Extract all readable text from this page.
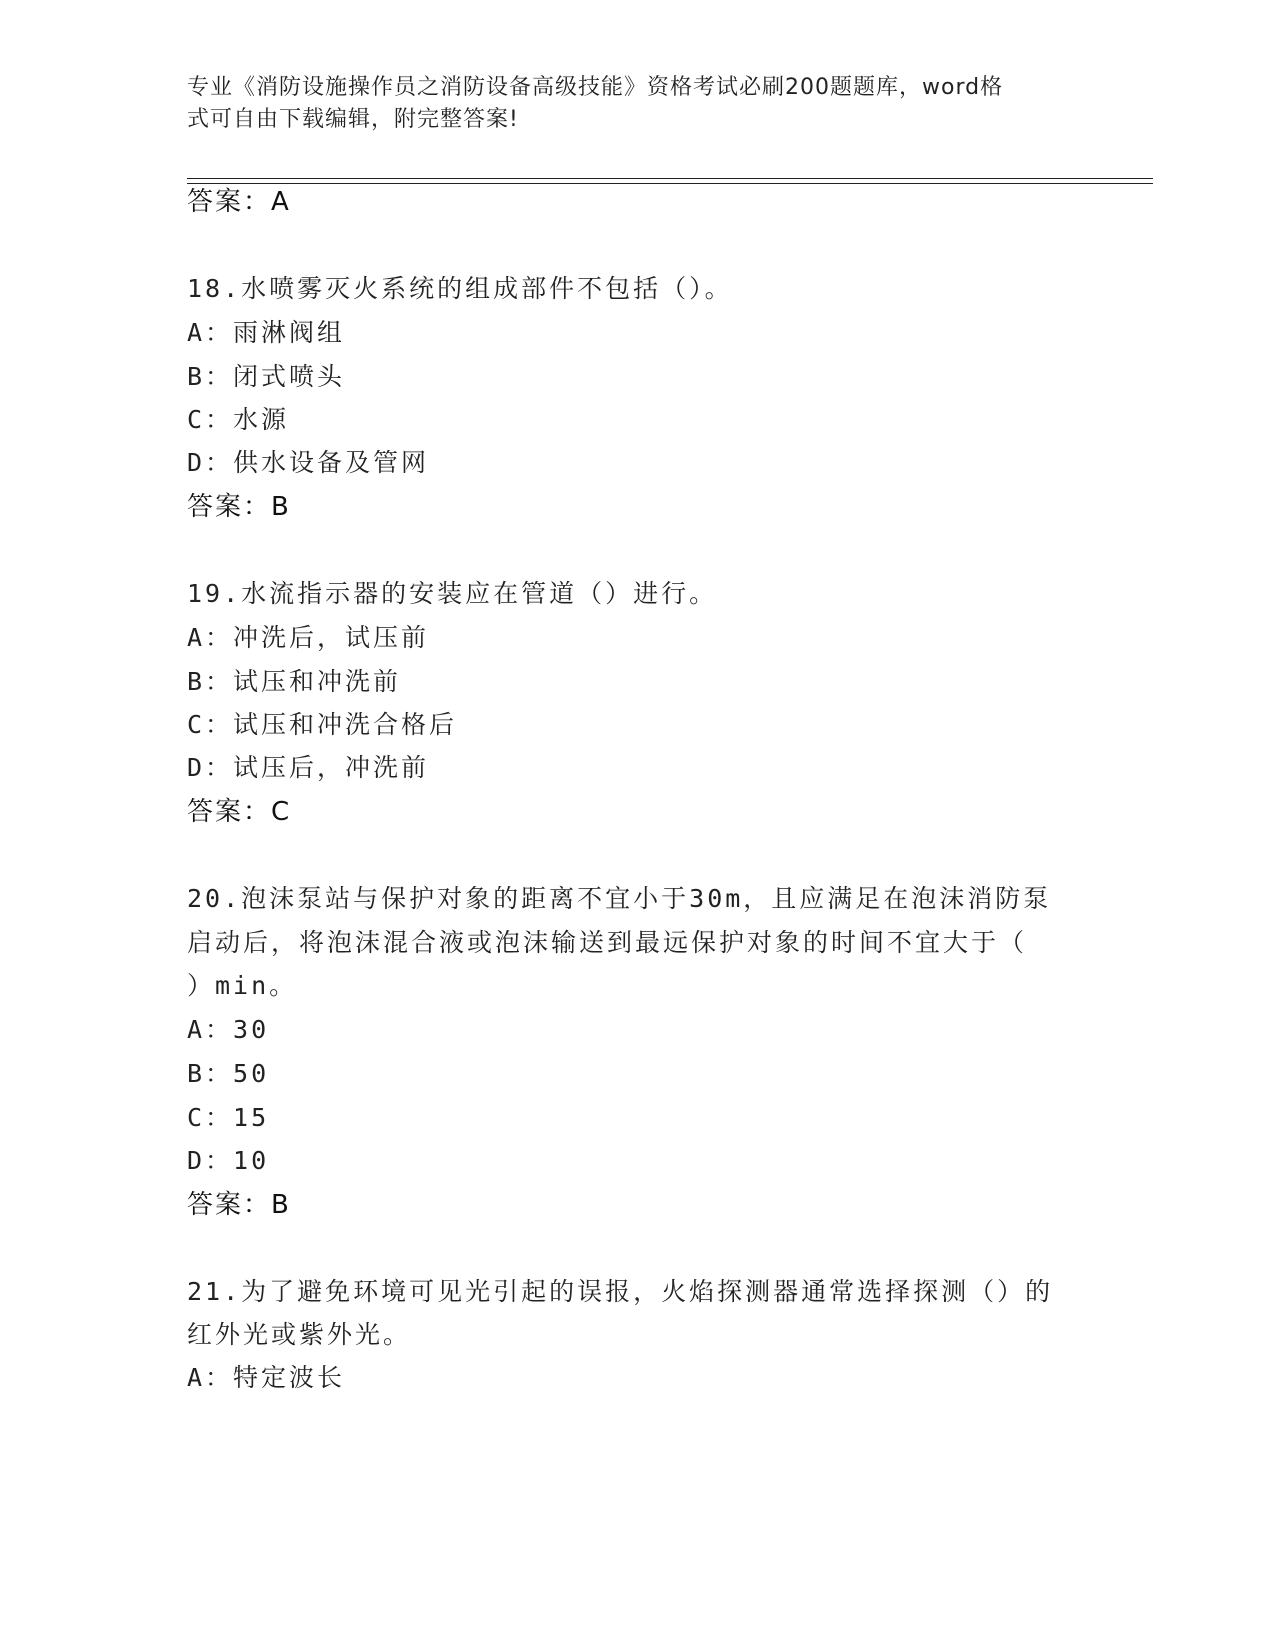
专业《消防设施操作员之消防设备高级技能》资格考试必刷200题题库，word格
式可自由下载编辑，附完整答案!
答案：A
18.水喷雾灭火系统的组成部件不包括（）。
A：雨淋阀组
B：闭式喷头
C：水源
D：供水设备及管网
答案：B
19.水流指示器的安装应在管道（）进行。
A：冲洗后，试压前
B：试压和冲洗前
C：试压和冲洗合格后
D：试压后，冲洗前
答案：C
20.泡沫泵站与保护对象的距离不宜小于30m，且应满足在泡沫消防泵
启动后，将泡沫混合液或泡沫输送到最远保护对象的时间不宜大于（
）min。
A：30
B：50
C：15
D：10
答案：B
21.为了避免环境可见光引起的误报，火焰探测器通常选择探测（）的
红外光或紫外光。
A：特定波长
